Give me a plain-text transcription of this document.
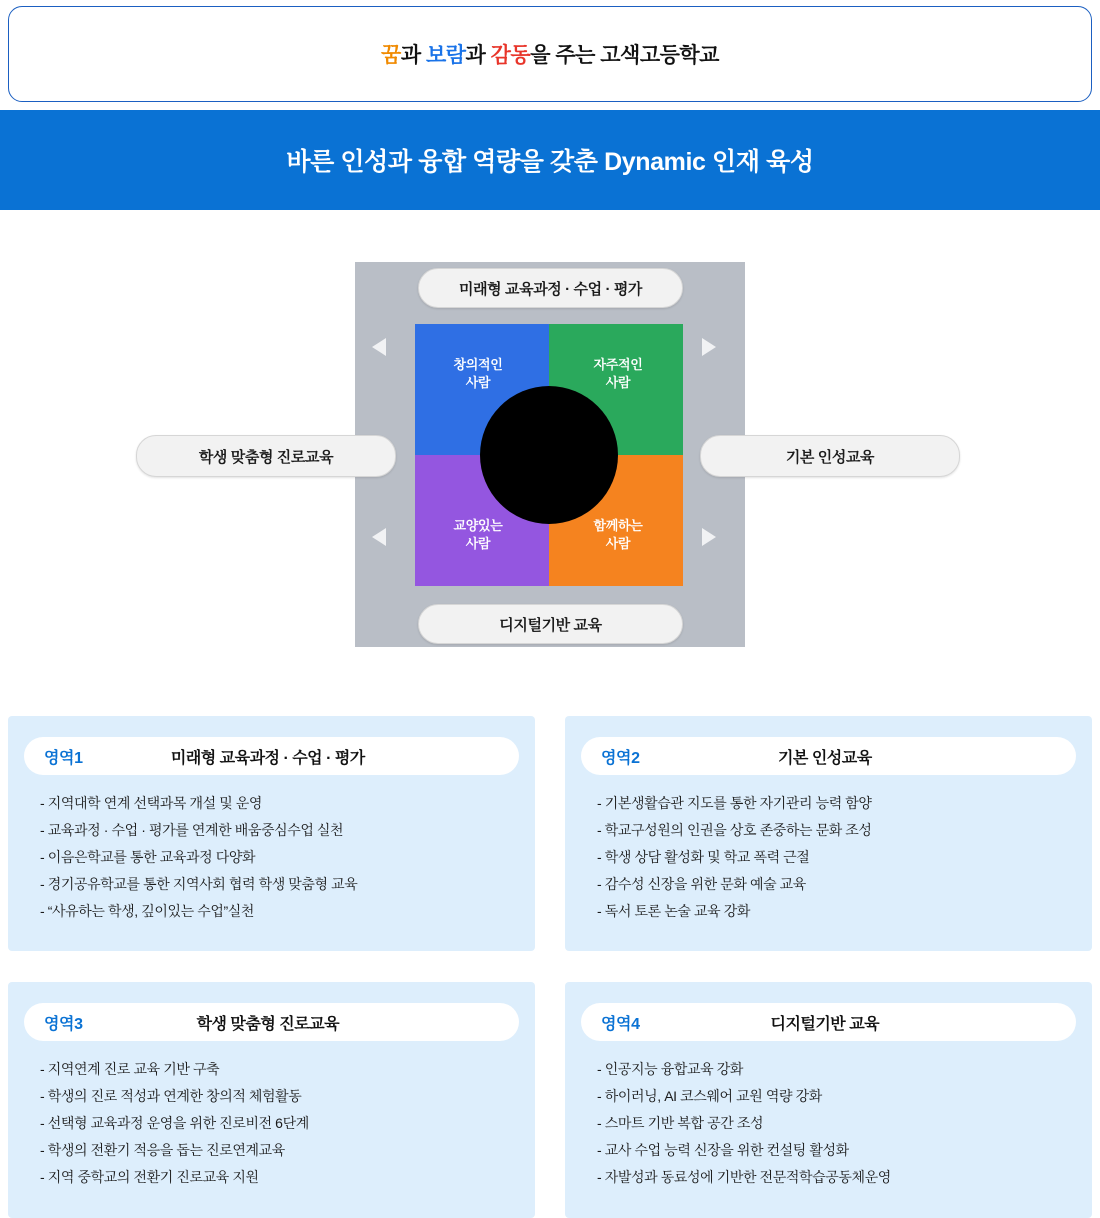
꿈과 보람과 감동을 주는 고색고등학교
바른 인성과 융합 역량을 갖춘 Dynamic 인재 육성
창의적인
사람
자주적인
사람
교양있는
사람
함께하는
사람
미래형 교육과정 · 수업 · 평가
디지털기반 교육
학생 맞춤형 진로교육	기본 인성교육
영역1	미래형 교육과정 · 수업 · 평가
- 지역대학 연계 선택과목 개설 및 운영
- 교육과정 · 수업 · 평가를 연계한 배움중심수업 실천
- 이음은학교를 통한 교육과정 다양화
- 경기공유학교를 통한 지역사회 협력 학생 맞춤형 교육
- “사유하는 학생, 깊이있는 수업”실천
영역2	기본 인성교육
- 기본생활습관 지도를 통한 자기관리 능력 함양
- 학교구성원의 인권을 상호 존중하는 문화 조성
- 학생 상담 활성화 및 학교 폭력 근절
- 감수성 신장을 위한 문화 예술 교육
- 독서 토론 논술 교육 강화
영역3	학생 맞춤형 진로교육
- 지역연계 진로 교육 기반 구축
- 학생의 진로 적성과 연계한 창의적 체험활동
- 선택형 교육과정 운영을 위한 진로비전 6단계
- 학생의 전환기 적응을 돕는 진로연계교육
- 지역 중학교의 전환기 진로교육 지원
영역4	디지털기반 교육
- 인공지능 융합교육 강화
- 하이러닝, AI 코스웨어 교원 역량 강화
- 스마트 기반 복합 공간 조성
- 교사 수업 능력 신장을 위한 컨설팅 활성화
- 자발성과 동료성에 기반한 전문적학습공동체운영
